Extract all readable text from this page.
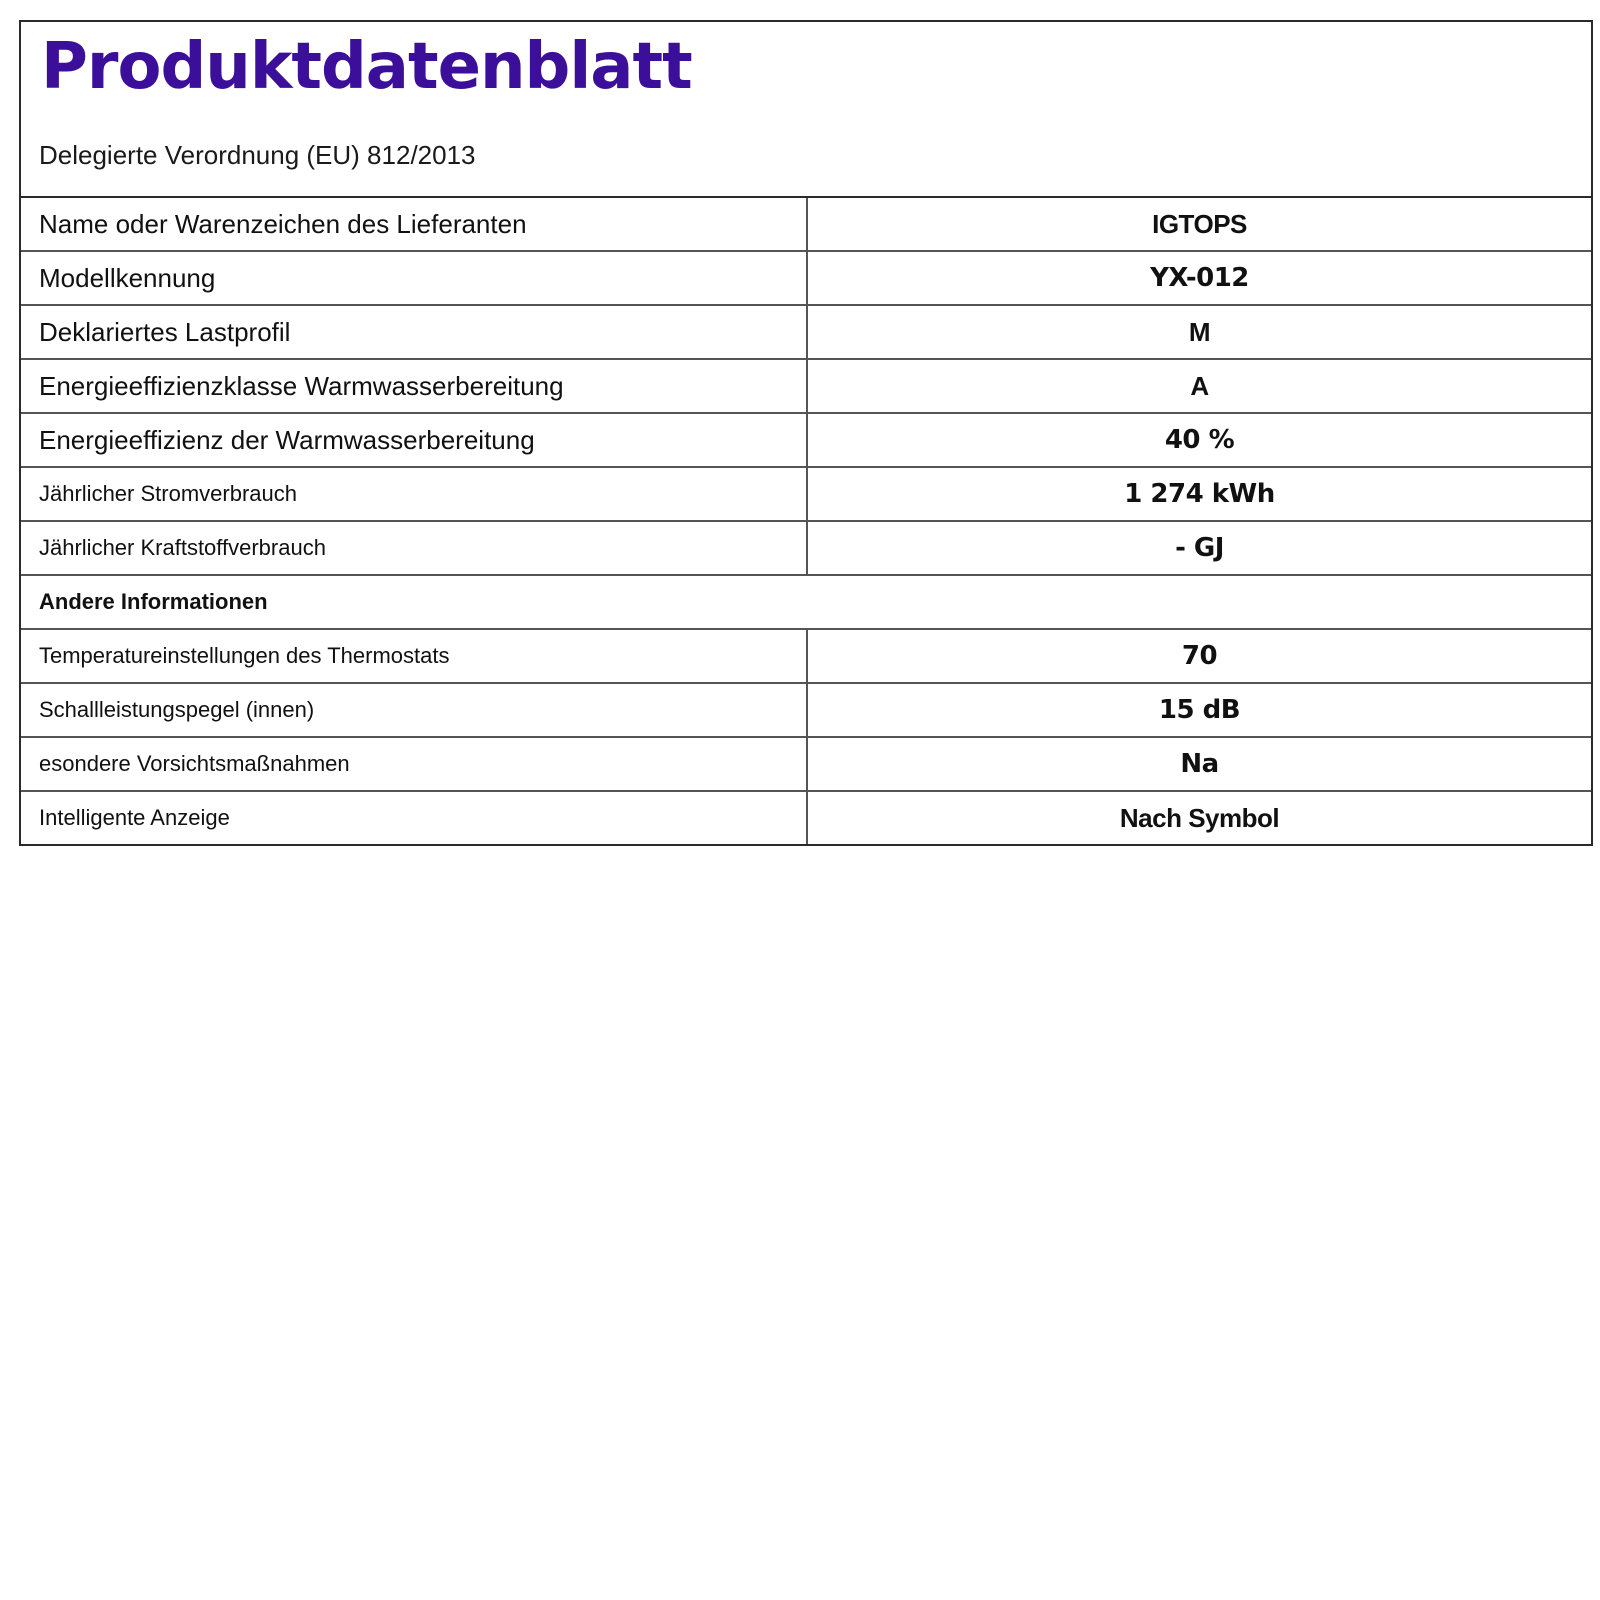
Produktdatenblatt
Delegierte Verordnung (EU) 812/2013
Name oder Warenzeichen des Lieferanten	IGTOPS
Modellkennung	YX-012
Deklariertes Lastprofil	M
Energieeffizienzklasse Warmwasserbereitung	A
Energieeffizienz der Warmwasserbereitung	40 %
Jährlicher Stromverbrauch	1 274 kWh
Jährlicher Kraftstoffverbrauch	- GJ
Andere Informationen	
Temperatureinstellungen des Thermostats	70
Schallleistungspegel (innen)	15 dB
esondere Vorsichtsmaßnahmen	Na
Intelligente Anzeige	Nach Symbol
